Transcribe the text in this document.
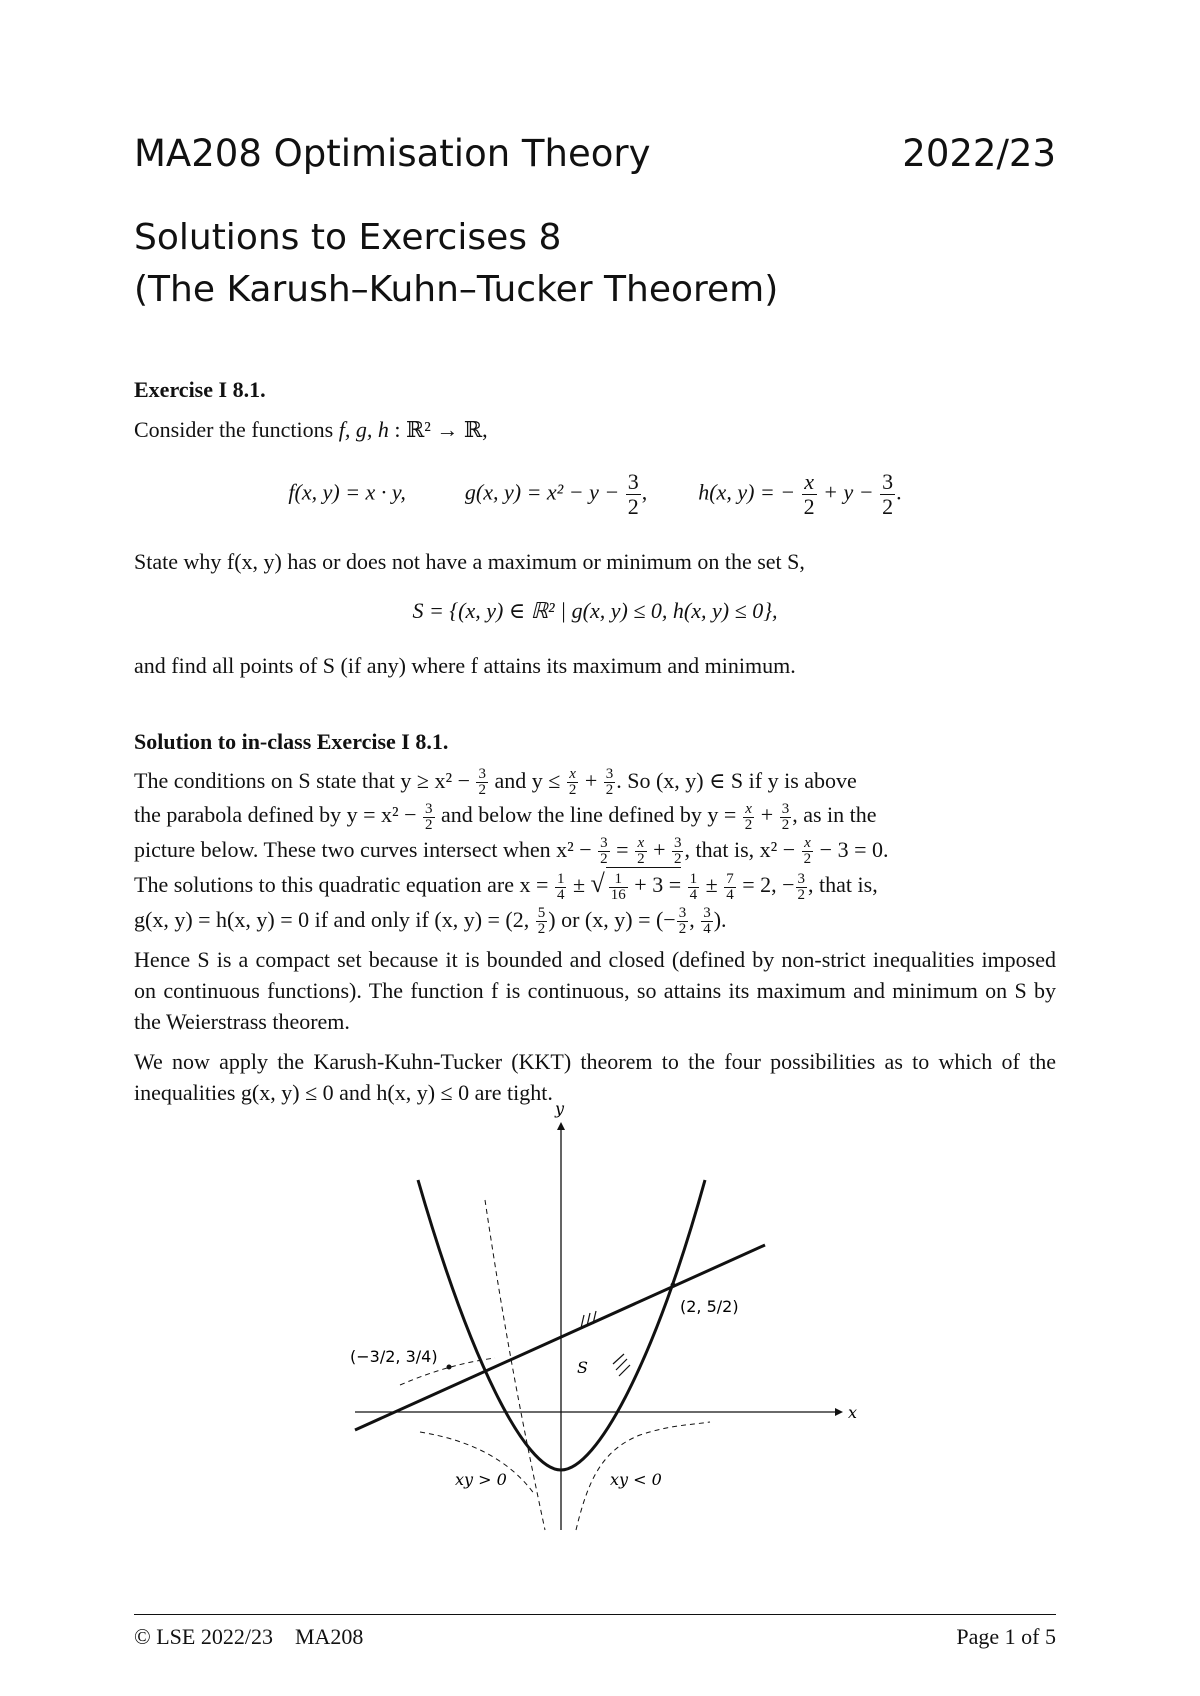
MA208 Optimisation Theory	2022/23
Solutions to Exercises 8
(The Karush–Kuhn–Tucker Theorem)
Exercise I 8.1.
Consider the functions f, g, h : ℝ² → ℝ,
f(x, y) = x · y,	g(x, $y) = x^2 - y - \frac{3}{2}$ ,  h(x, y) = − $\frac{x}{2} + y - \frac{3}{2}$ .
State why f(x, y) has or does not have a maximum or minimum on the set S,
S = {(x, y) ∈ ℝ² | g(x, y) ≤ 0, h(x, y) ≤ 0},
and find all points of S (if any) where f attains its maximum and minimum.
Solution to in-class Exercise I 8.1.
The conditions on S state that $y \ge x^2 - \frac{3}{2}$ and $y \le \frac{x}{2} + \frac{3}{2}$ . So (x, y) ∈ S if y is above
the parabola defined by $y = x^2 - \frac{3}{2}$ and below the line defined by $y = \frac{x}{2} + \frac{3}{2}$ , as in the
picture below. These two curves intersect when $x^2 - \frac{3}{2} = \frac{x}{2} + \frac{3}{2}$ , that is, $x^2 - \frac{x}{2} - 3 = 0$.
The solutions to this quadratic equation are $x = \frac{1}{4}$ ± √ $\frac{1}{16} + 3 = \frac{1}{4} \pm \frac{7}{4} = 2$, − $\frac{3}{2}$ , that is,
g(x, y) = h(x, y) = 0 if and only if (x, y) = (2, $\frac{5}{2}$ ) or (x, y) = (− $\frac{3}{2}$ , $\frac{3}{4}$ ).
Hence S is a compact set because it is bounded and closed (defined by non-strict inequalities imposed on continuous functions). The function f is continuous, so attains its maximum and minimum on S by the Weierstrass theorem.
We now apply the Karush-Kuhn-Tucker (KKT) theorem to the four possibilities as to which of the inequalities g(x, y) ≤ 0 and h(x, y) ≤ 0 are tight.
x
y
(2, 5/2)
(−3/2, 3/4)
S
xy > 0	xy < 0
© LSE 2022/23    MA208	Page 1 of 5
